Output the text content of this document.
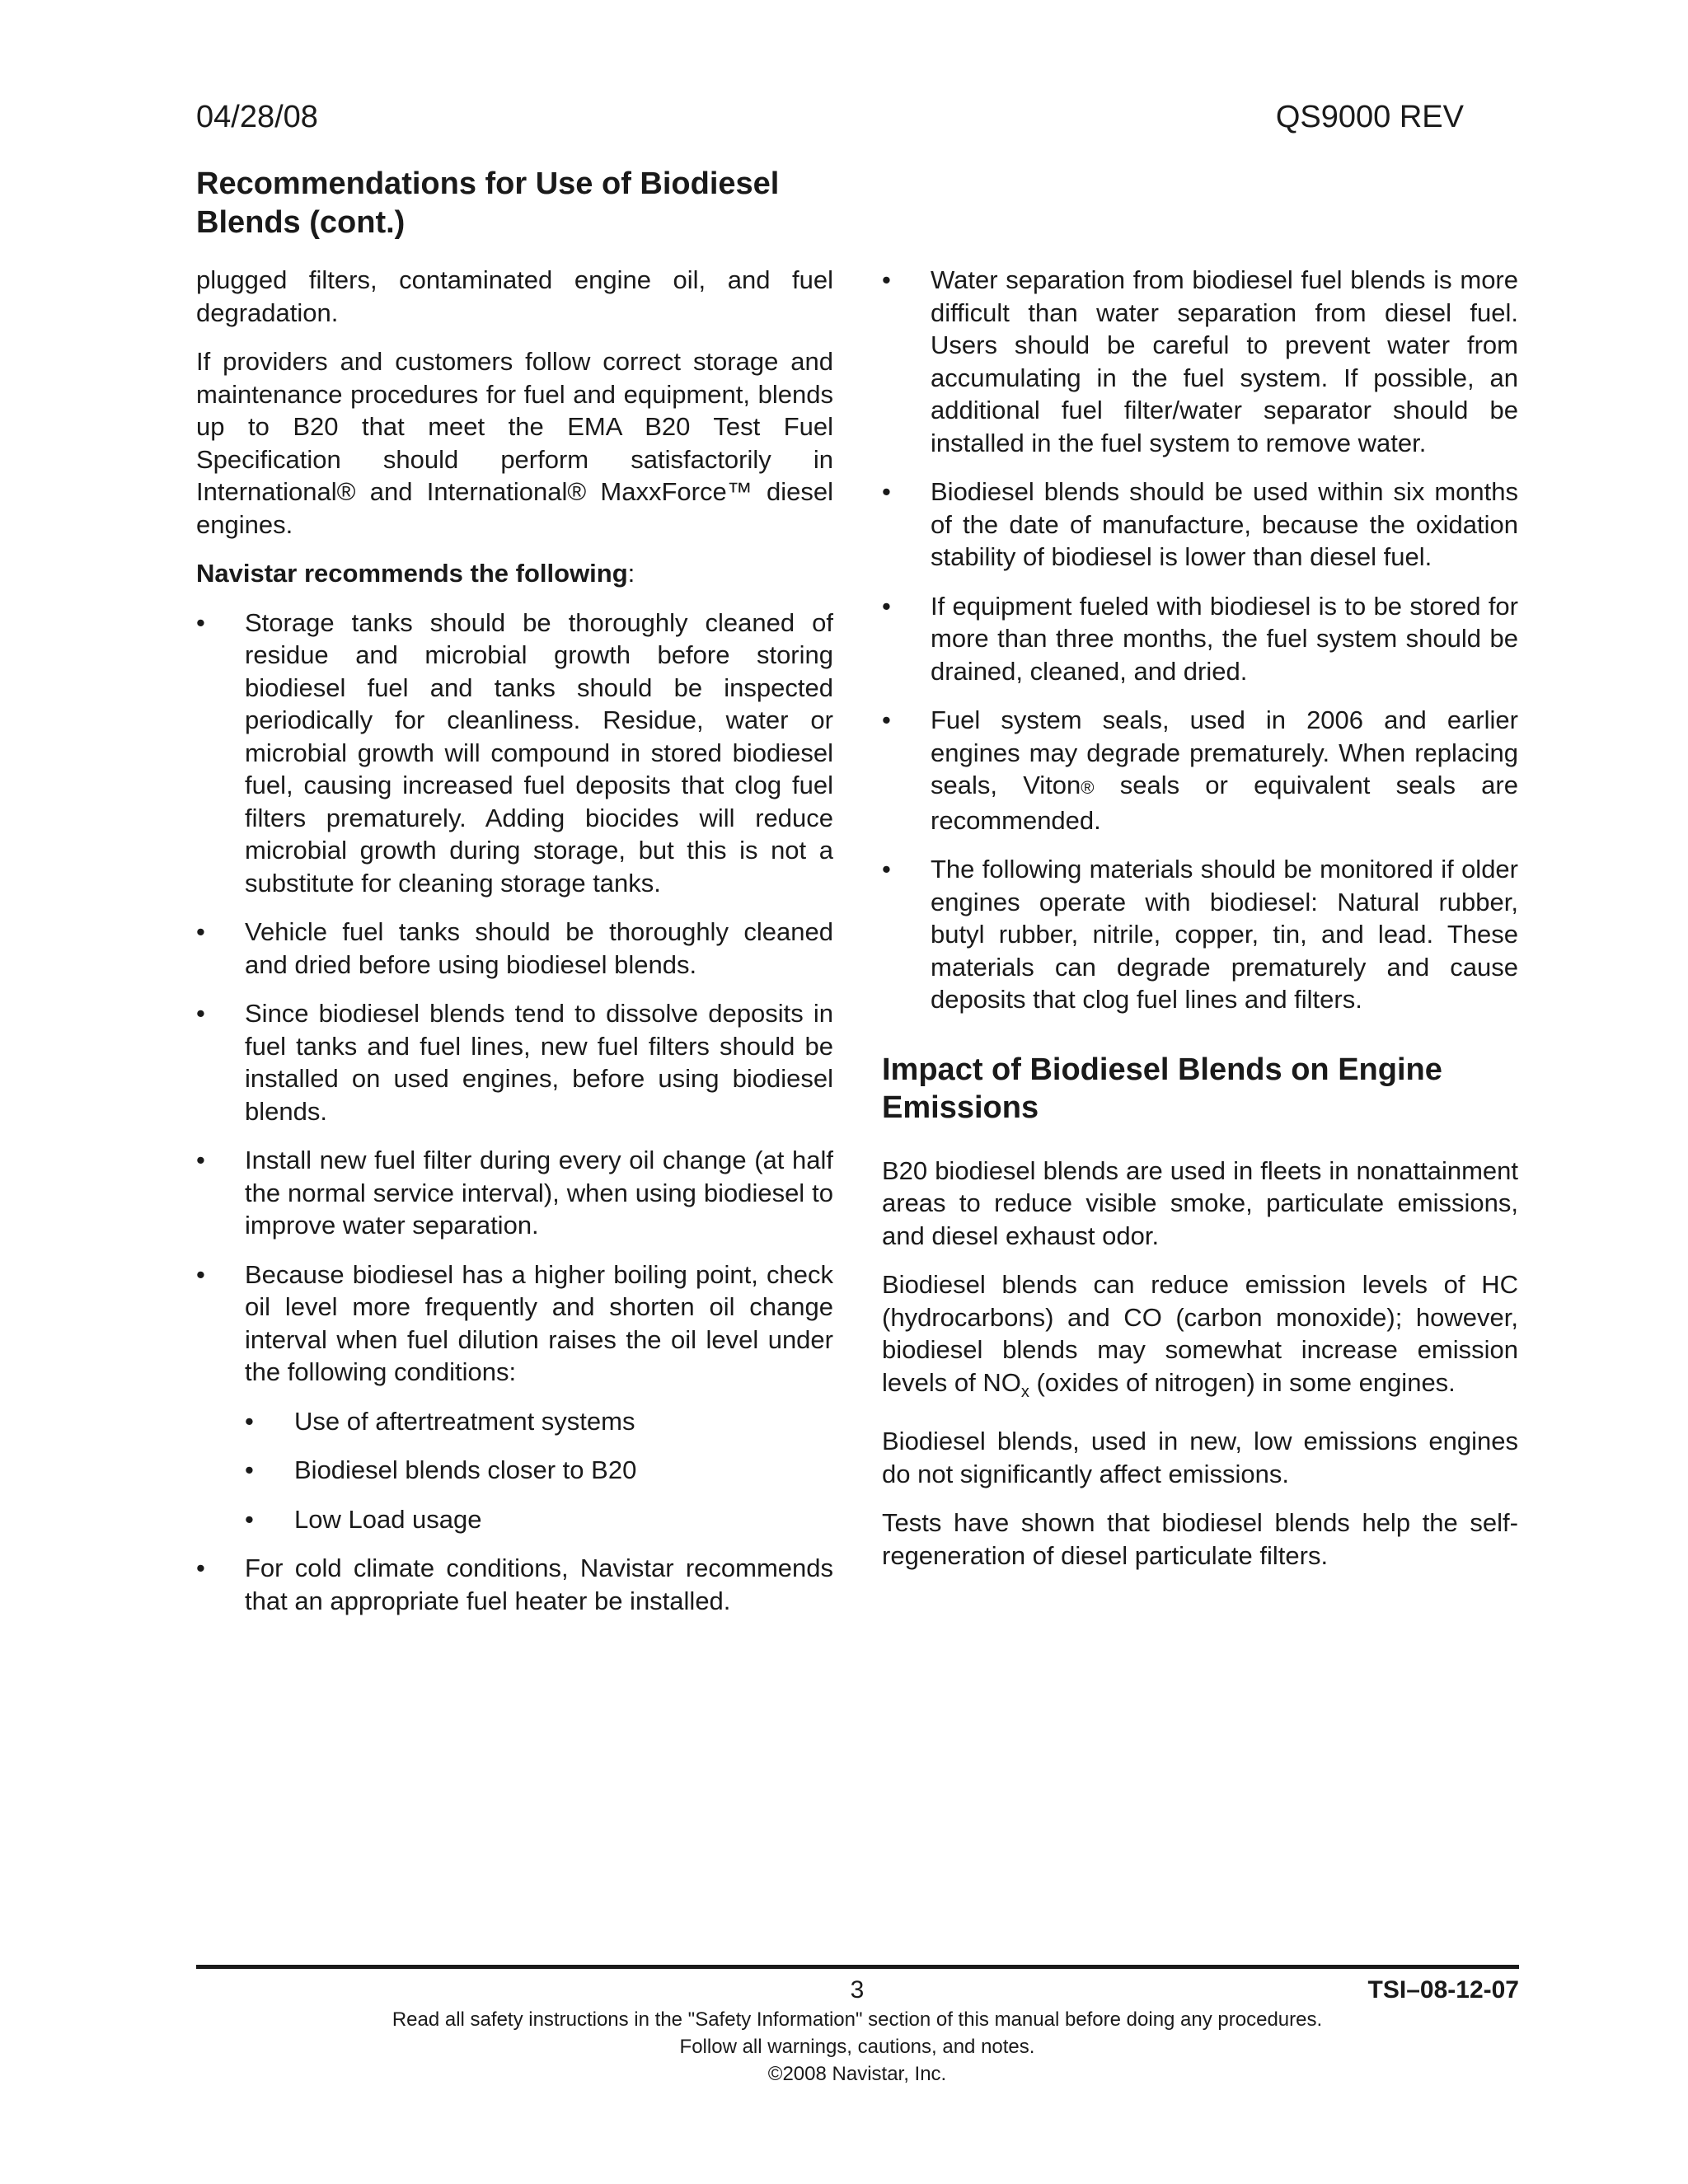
04/28/08	QS9000 REV
Recommendations for Use of Biodiesel Blends (cont.)

plugged filters, contaminated engine oil, and fuel degradation.

If providers and customers follow correct storage and maintenance procedures for fuel and equipment, blends up to B20 that meet the EMA B20 Test Fuel Specification should perform satisfactorily in International® and International® MaxxForce™ diesel engines.

Navistar recommends the following:

• Storage tanks should be thoroughly cleaned of residue and microbial growth before storing biodiesel fuel and tanks should be inspected periodically for cleanliness. Residue, water or microbial growth will compound in stored biodiesel fuel, causing increased fuel deposits that clog fuel filters prematurely. Adding biocides will reduce microbial growth during storage, but this is not a substitute for cleaning storage tanks.
• Vehicle fuel tanks should be thoroughly cleaned and dried before using biodiesel blends.
• Since biodiesel blends tend to dissolve deposits in fuel tanks and fuel lines, new fuel filters should be installed on used engines, before using biodiesel blends.
• Install new fuel filter during every oil change (at half the normal service interval), when using biodiesel to improve water separation.
• Because biodiesel has a higher boiling point, check oil level more frequently and shorten oil change interval when fuel dilution raises the oil level under the following conditions:
• Use of aftertreatment systems
• Biodiesel blends closer to B20
• Low Load usage
• For cold climate conditions, Navistar recommends that an appropriate fuel heater be installed.
• Water separation from biodiesel fuel blends is more difficult than water separation from diesel fuel. Users should be careful to prevent water from accumulating in the fuel system. If possible, an additional fuel filter/water separator should be installed in the fuel system to remove water.
• Biodiesel blends should be used within six months of the date of manufacture, because the oxidation stability of biodiesel is lower than diesel fuel.
• If equipment fueled with biodiesel is to be stored for more than three months, the fuel system should be drained, cleaned, and dried.
• Fuel system seals, used in 2006 and earlier engines may degrade prematurely. When replacing seals, Viton® seals or equivalent seals are recommended.
• The following materials should be monitored if older engines operate with biodiesel: Natural rubber, butyl rubber, nitrile, copper, tin, and lead. These materials can degrade prematurely and cause deposits that clog fuel lines and filters.
Impact of Biodiesel Blends on Engine Emissions

B20 biodiesel blends are used in fleets in nonattainment areas to reduce visible smoke, particulate emissions, and diesel exhaust odor.

Biodiesel blends can reduce emission levels of HC (hydrocarbons) and CO (carbon monoxide); however, biodiesel blends may somewhat increase emission levels of $NO_x$ (oxides of nitrogen) in some engines.

Biodiesel blends, used in new, low emissions engines do not significantly affect emissions.

Tests have shown that biodiesel blends help the self-regeneration of diesel particulate filters.

3	TSI–08-12-07
Read all safety instructions in the "Safety Information" section of this manual before doing any procedures.
Follow all warnings, cautions, and notes.
©2008 Navistar, Inc.
